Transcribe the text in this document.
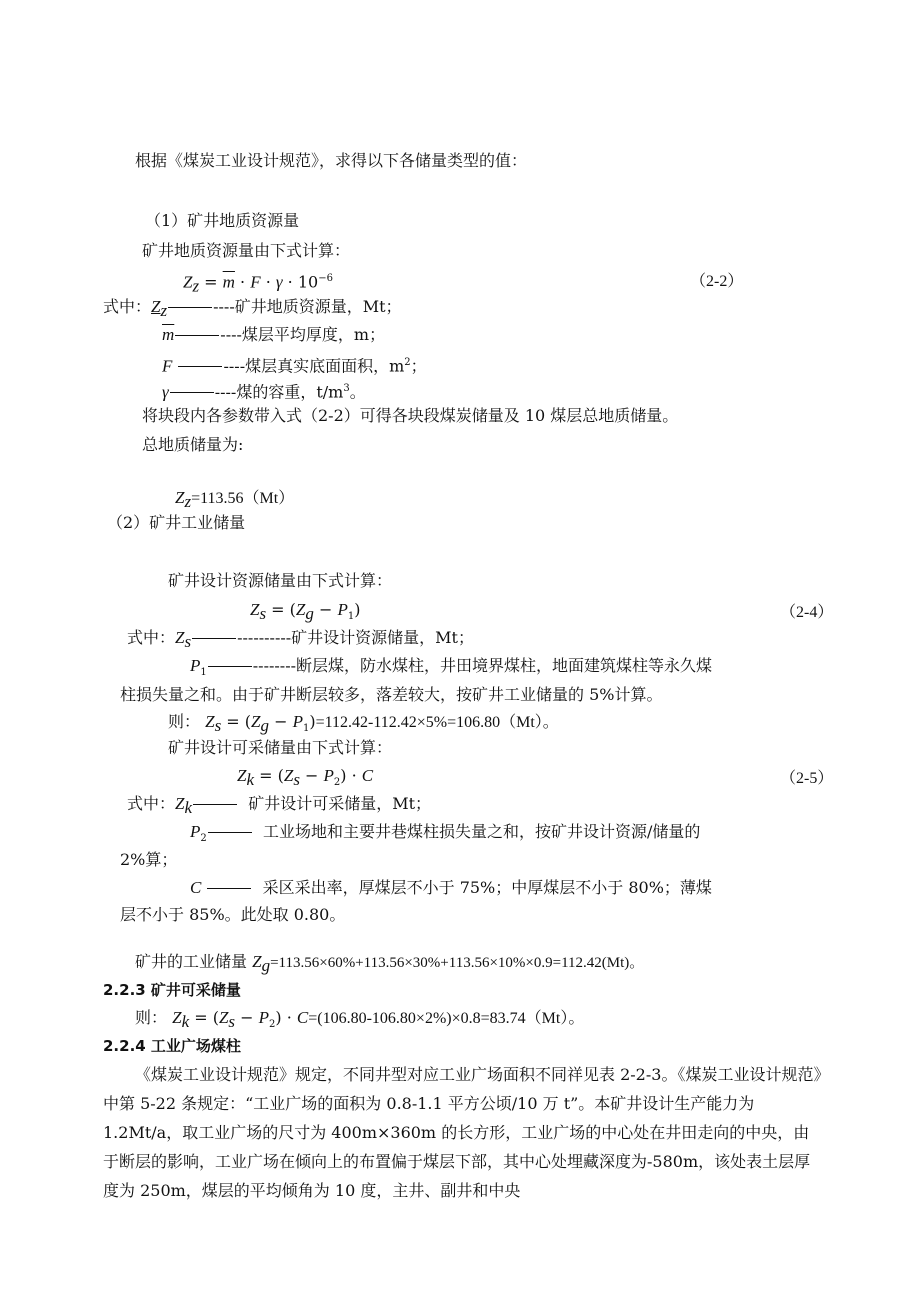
根据《煤炭工业设计规范》，求得以下各储量类型的值：
（1）矿井地质资源量
矿井地质资源量由下式计算：
$Z_z = \overline{m} \cdot F \cdot \gamma \cdot 10^{-6}$	（2-2）
式中：$Z_z$	----矿井地质资源量，Mt；
$\overline{m}$	----煤层平均厚度，m；
F	----煤层真实底面面积，$m^2$；
γ	----煤的容重，$t/m^3$。
将块段内各参数带入式（2-2）可得各块段煤炭储量及 10 煤层总地质储量。
总地质储量为:
$Z_z=113.56(Mt)$
（2）矿井工业储量
矿井设计资源储量由下式计算：
$Z_s = (Z_g - P_1)$	（2-4）
式中：$Z_s$	----------矿井设计资源储量，Mt；
$P_1$	--------断层煤，防水煤柱，井田境界煤柱，地面建筑煤柱等永久煤
柱损失量之和。由于矿井断层较多，落差较大，按矿井工业储量的 5%计算。
则： $Z_s = (Z_g - P_1)=112.42-112.42\times 5\%=106.80(Mt)$。
矿井设计可采储量由下式计算：
$Z_k = (Z_s - P_2) \cdot C$	（2-5）
式中：$Z_k$	矿井设计可采储量，Mt；
$P_2$	工业场地和主要井巷煤柱损失量之和，按矿井设计资源/储量的
2%算；
C	采区采出率，厚煤层不小于 75%；中厚煤层不小于 80%；薄煤
层不小于 85%。此处取 0.80。
矿井的工业储量 $Z_g=113.56\times 60\%+113.56\times 30\%+113.56\times 10\%\times 0.9=112.42(Mt)$。
2.2.3 矿井可采储量
则： $Z_k = (Z_s - P_2) \cdot C=(106.80-106.80\times 2\%)\times 0.8=83.74(Mt)$。
2.2.4 工业广场煤柱
《煤炭工业设计规范》规定，不同井型对应工业广场面积不同祥见表 2-2-3。《煤炭工业设计规范》中第 5-22 条规定：“工业广场的面积为 0.8-1.1 平方公顷/10 万 t”。本矿井设计生产能力为 1.2Mt/a，取工业广场的尺寸为 400m×360m 的长方形，工业广场的中心处在井田走向的中央，由于断层的影响，工业广场在倾向上的布置偏于煤层下部，其中心处埋藏深度为-580m，该处表土层厚度为 250m，煤层的平均倾角为 10 度，主井、副井和中央
